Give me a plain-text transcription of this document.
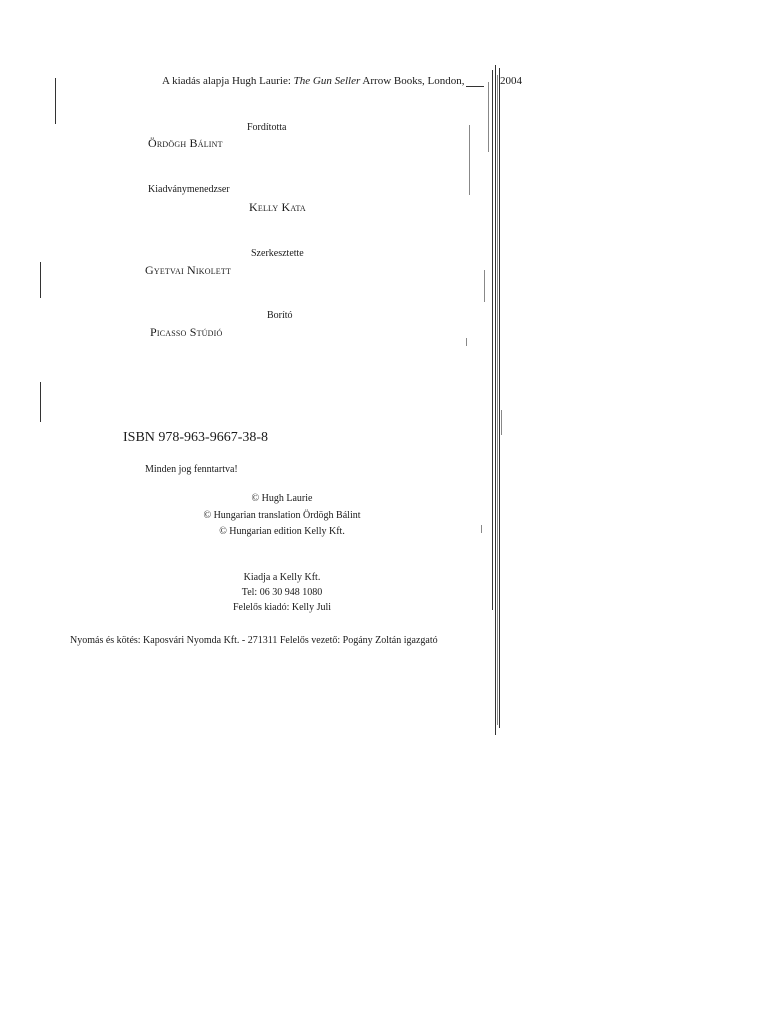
A kiadás alapja Hugh Laurie: The Gun Seller Arrow Books, London,	2004
Fordította
Ördögh Bálint
Kiadványmenedzser
Kelly Kata
Szerkesztette
Gyetvai Nikolett
Borító
Picasso Stúdió
ISBN 978-963-9667-38-8
Minden jog fenntartva!
© Hugh Laurie
© Hungarian translation Ördögh Bálint
© Hungarian edition Kelly Kft.
Kiadja a Kelly Kft.
Tel: 06 30 948 1080
Felelős kiadó: Kelly Juli
Nyomás és kötés: Kaposvári Nyomda Kft. - 271311 Felelős vezető: Pogány Zoltán igazgató
